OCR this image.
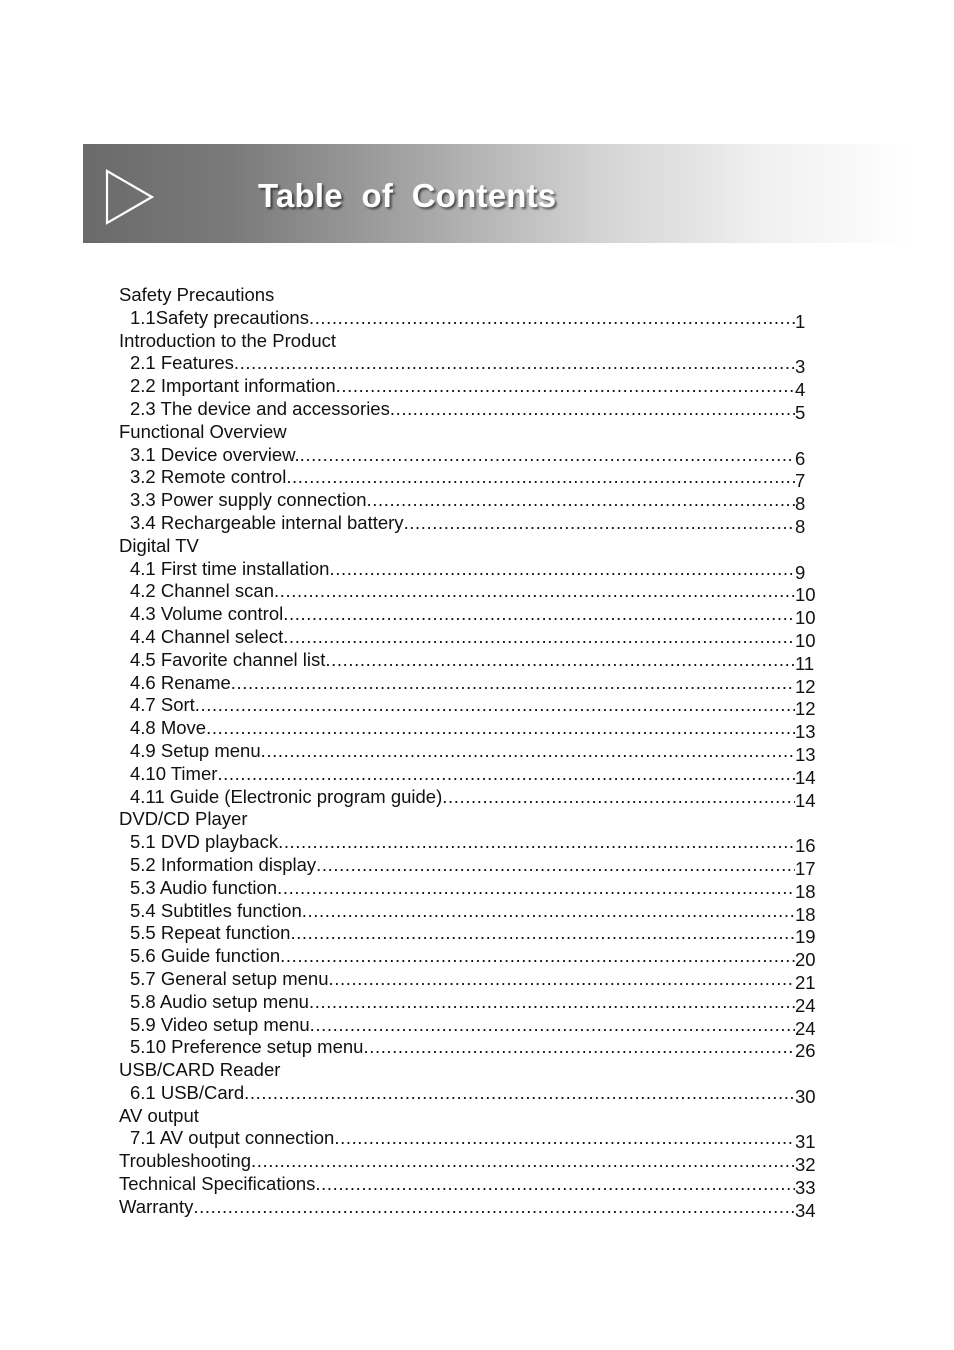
Table  of  Contents
Safety Precautions
1.1Safety precautions .....	1
Introduction to the Product
2.1 Features .....	3
2.2 Important information .....	4
2.3 The device and accessories .....	5
Functional Overview
3.1 Device overview. .....	6
3.2 Remote control .....	7
3.3 Power supply connection .....	8
3.4 Rechargeable internal battery .....	8
Digital TV
4.1 First time installation .....	9
4.2 Channel scan .....	10
4.3 Volume control .....	10
4.4 Channel select .....	10
4.5 Favorite channel list .....	11
4.6 Rename .....	12
4.7 Sort .....	12
4.8 Move .....	13
4.9 Setup menu .....	13
4.10 Timer .....	14
4.11 Guide (Electronic program guide) .....	14
DVD/CD Player
5.1 DVD playback .....	16
5.2 Information display .....	17
5.3 Audio function .....	18
5.4 Subtitles function .....	18
5.5 Repeat function .....	19
5.6 Guide function .....	20
5.7 General setup menu .....	21
5.8 Audio setup menu .....	24
5.9 Video setup menu .....	24
5.10 Preference setup menu .....	26
USB/CARD Reader
6.1 USB/Card .....	30
AV output
7.1 AV output connection .....	31
Troubleshooting .....	32
Technical Specifications .....	33
Warranty .....	34
